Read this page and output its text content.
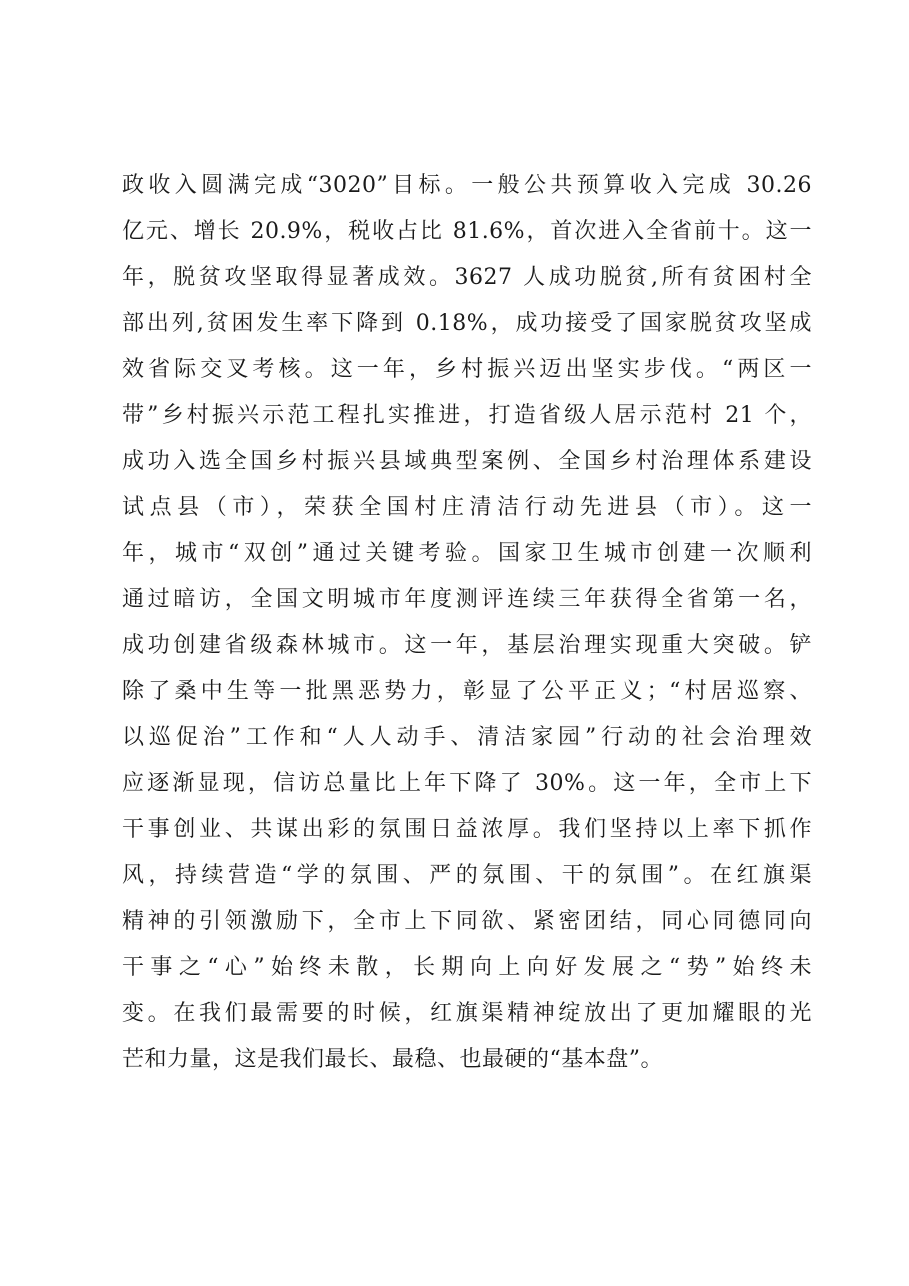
政收入圆满完成“3020”目标。一般公共预算收入完成 30.26
亿元、增长 20.9%，税收占比 81.6%，首次进入全省前十。这一
年，脱贫攻坚取得显著成效。3627 人成功脱贫,所有贫困村全
部出列,贫困发生率下降到 0.18%，成功接受了国家脱贫攻坚成
效省际交叉考核。这一年，乡村振兴迈出坚实步伐。“两区一
带”乡村振兴示范工程扎实推进，打造省级人居示范村 21 个，
成功入选全国乡村振兴县域典型案例、全国乡村治理体系建设
试点县（市），荣获全国村庄清洁行动先进县（市）。这一
年，城市“双创”通过关键考验。国家卫生城市创建一次顺利
通过暗访，全国文明城市年度测评连续三年获得全省第一名，
成功创建省级森林城市。这一年，基层治理实现重大突破。铲
除了桑中生等一批黑恶势力，彰显了公平正义；“村居巡察、
以巡促治”工作和“人人动手、清洁家园”行动的社会治理效
应逐渐显现，信访总量比上年下降了 30%。这一年，全市上下
干事创业、共谋出彩的氛围日益浓厚。我们坚持以上率下抓作
风，持续营造“学的氛围、严的氛围、干的氛围”。在红旗渠
精神的引领激励下，全市上下同欲、紧密团结，同心同德同向
干事之“心”始终未散，长期向上向好发展之“势”始终未
变。在我们最需要的时候，红旗渠精神绽放出了更加耀眼的光
芒和力量，这是我们最长、最稳、也最硬的“基本盘”。
